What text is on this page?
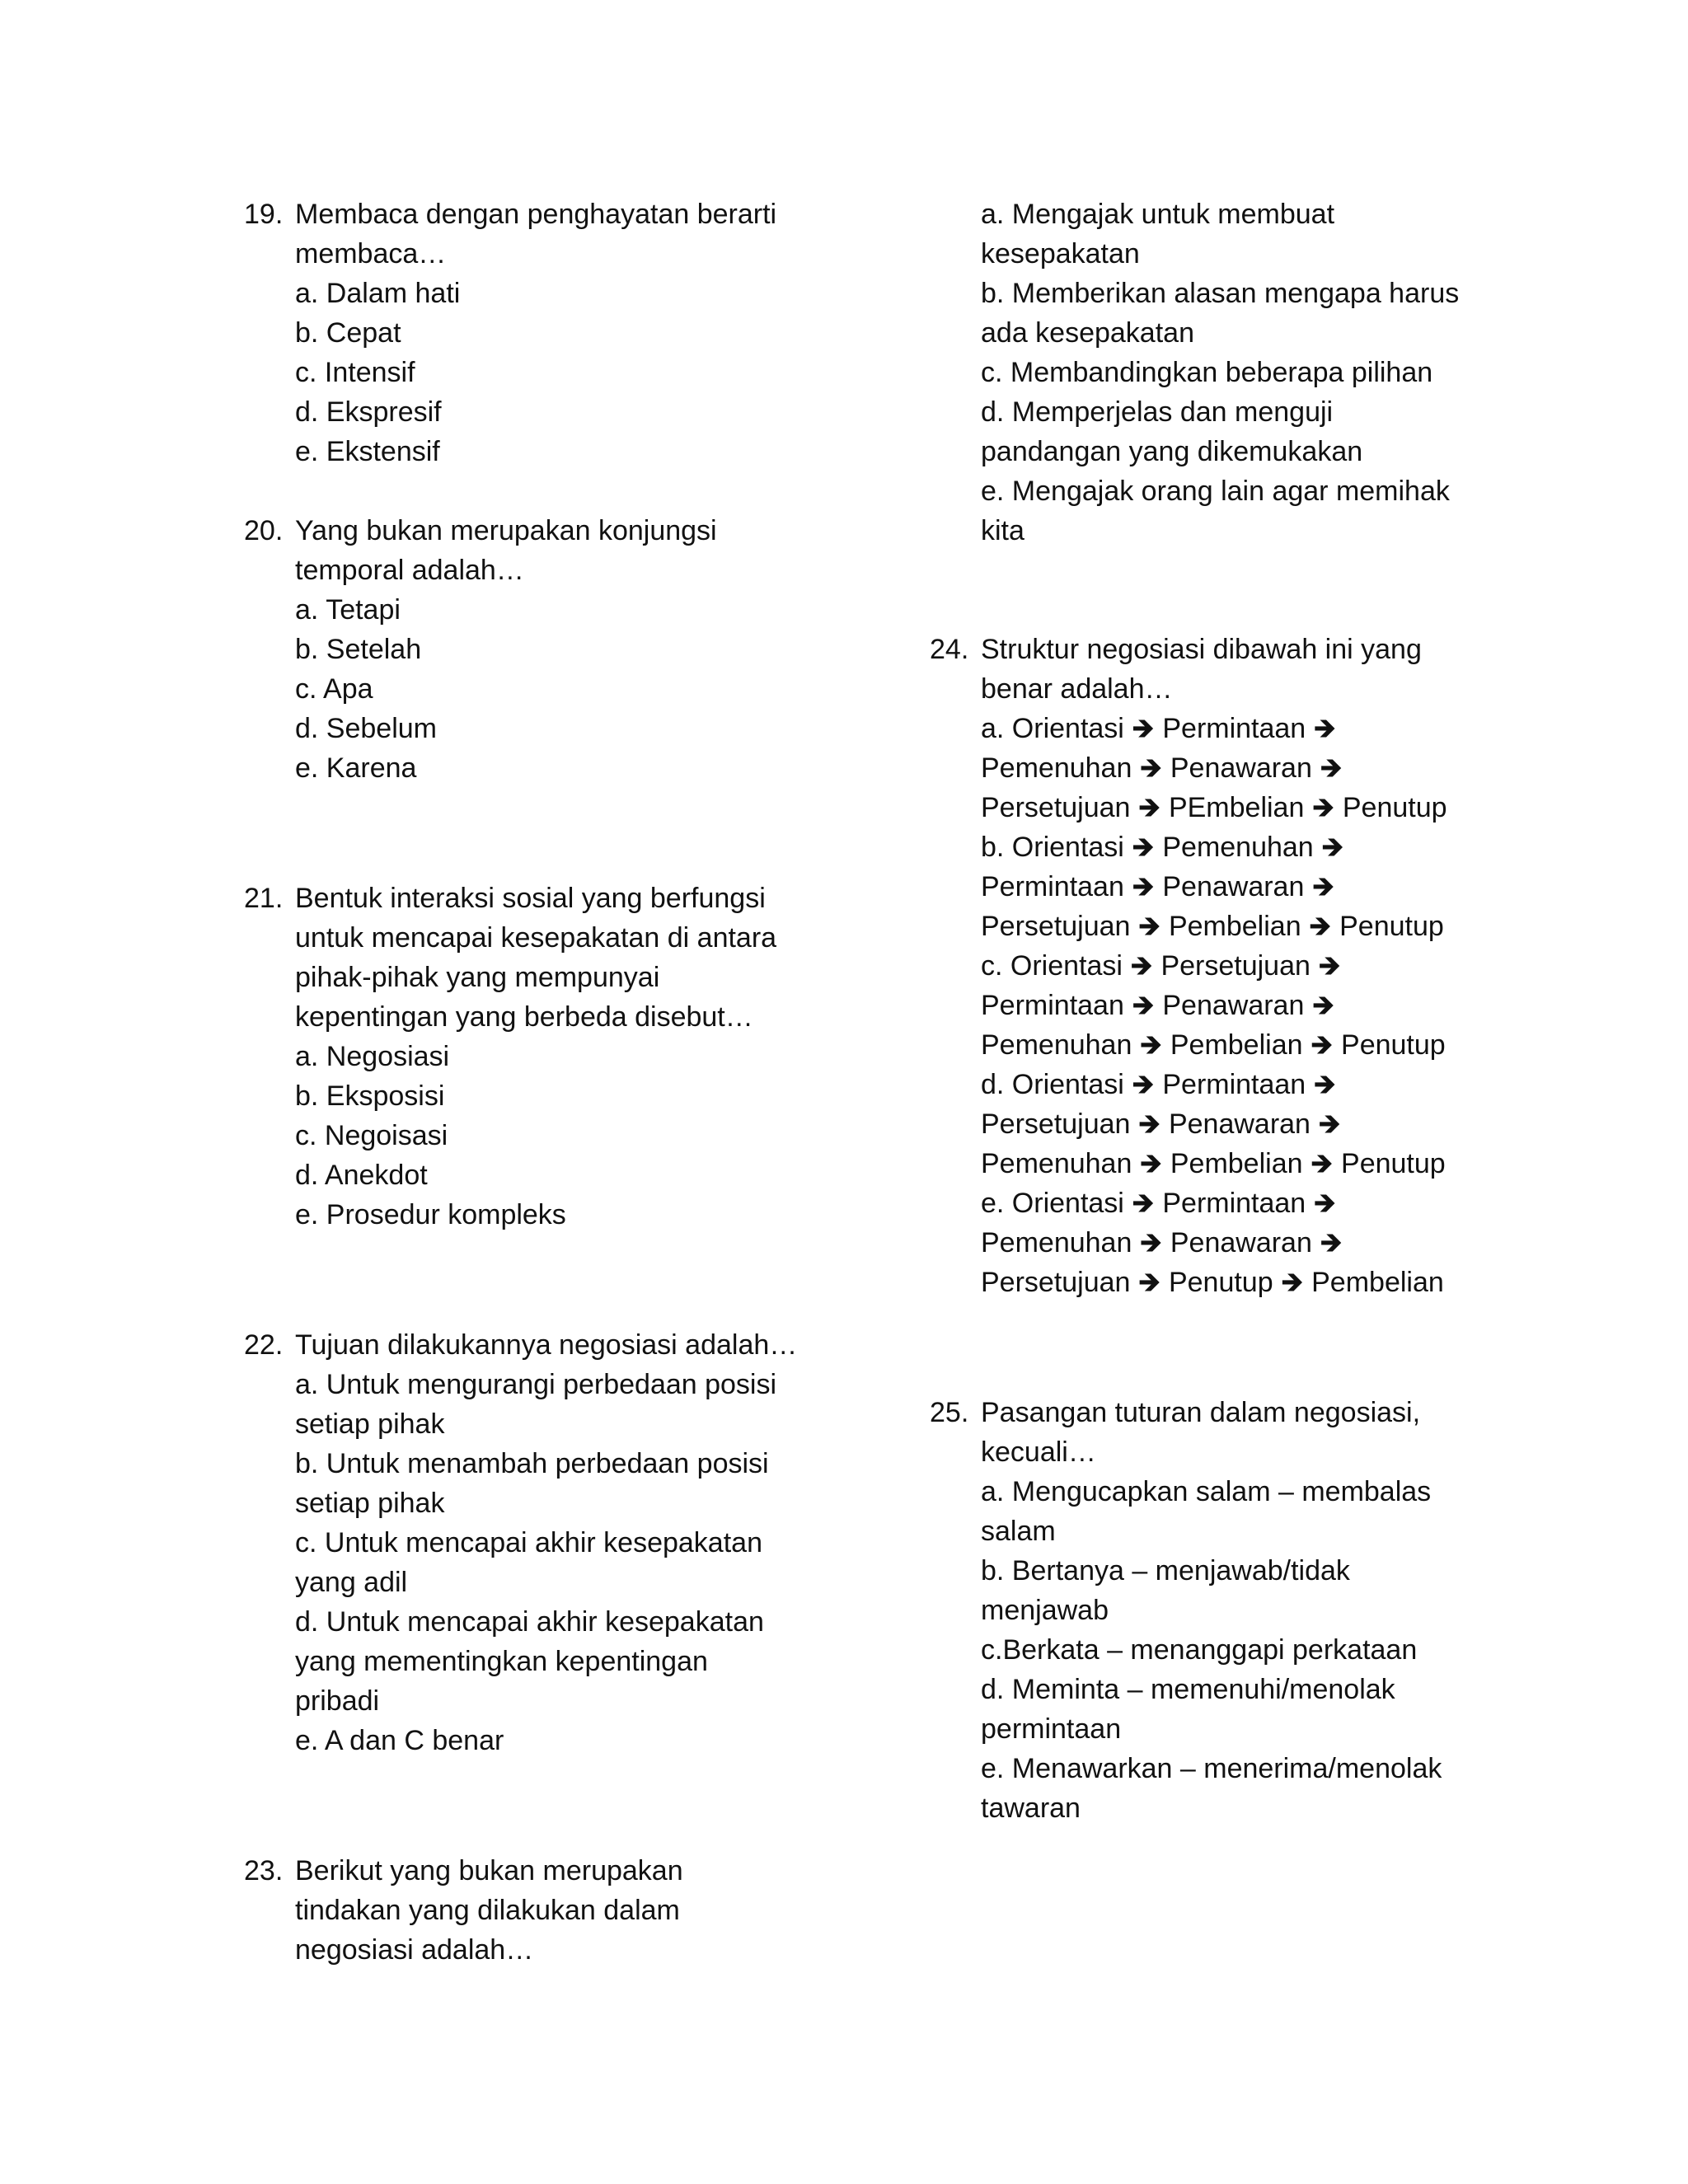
19. Membaca dengan penghayatan berarti
membaca…
a. Dalam hati
b. Cepat
c. Intensif
d. Ekspresif
e. Ekstensif
20. Yang bukan merupakan konjungsi
temporal adalah…
a. Tetapi
b. Setelah
c. Apa
d. Sebelum
e. Karena
21. Bentuk interaksi sosial yang berfungsi
untuk mencapai kesepakatan di antara
pihak-pihak yang mempunyai
kepentingan yang berbeda disebut…
a. Negosiasi
b. Eksposisi
c. Negoisasi
d. Anekdot
e. Prosedur kompleks
22. Tujuan dilakukannya negosiasi adalah…
a. Untuk mengurangi perbedaan posisi
setiap pihak
b. Untuk menambah perbedaan posisi
setiap pihak
c. Untuk mencapai akhir kesepakatan
yang adil
d. Untuk mencapai akhir kesepakatan
yang mementingkan kepentingan
pribadi
e. A dan C benar
23. Berikut yang bukan merupakan
tindakan yang dilakukan dalam
negosiasi adalah…
a. Mengajak untuk membuat
kesepakatan
b. Memberikan alasan mengapa harus
ada kesepakatan
c. Membandingkan beberapa pilihan
d. Memperjelas dan menguji
pandangan yang dikemukakan
e. Mengajak orang lain agar memihak
kita
24. Struktur negosiasi dibawah ini yang
benar adalah…
a. Orientasi 🡺 Permintaan 🡺
Pemenuhan 🡺 Penawaran 🡺
Persetujuan 🡺 PEmbelian 🡺 Penutup
b. Orientasi 🡺 Pemenuhan 🡺
Permintaan 🡺 Penawaran 🡺
Persetujuan 🡺 Pembelian 🡺 Penutup
c. Orientasi 🡺 Persetujuan 🡺
Permintaan 🡺 Penawaran 🡺
Pemenuhan 🡺 Pembelian 🡺 Penutup
d. Orientasi 🡺 Permintaan 🡺
Persetujuan 🡺 Penawaran 🡺
Pemenuhan 🡺 Pembelian 🡺 Penutup
e. Orientasi 🡺 Permintaan 🡺
Pemenuhan 🡺 Penawaran 🡺
Persetujuan 🡺 Penutup 🡺 Pembelian
25. Pasangan tuturan dalam negosiasi,
kecuali…
a. Mengucapkan salam – membalas
salam
b. Bertanya – menjawab/tidak
menjawab
c.Berkata – menanggapi perkataan
d. Meminta – memenuhi/menolak
permintaan
e. Menawarkan – menerima/menolak
tawaran
